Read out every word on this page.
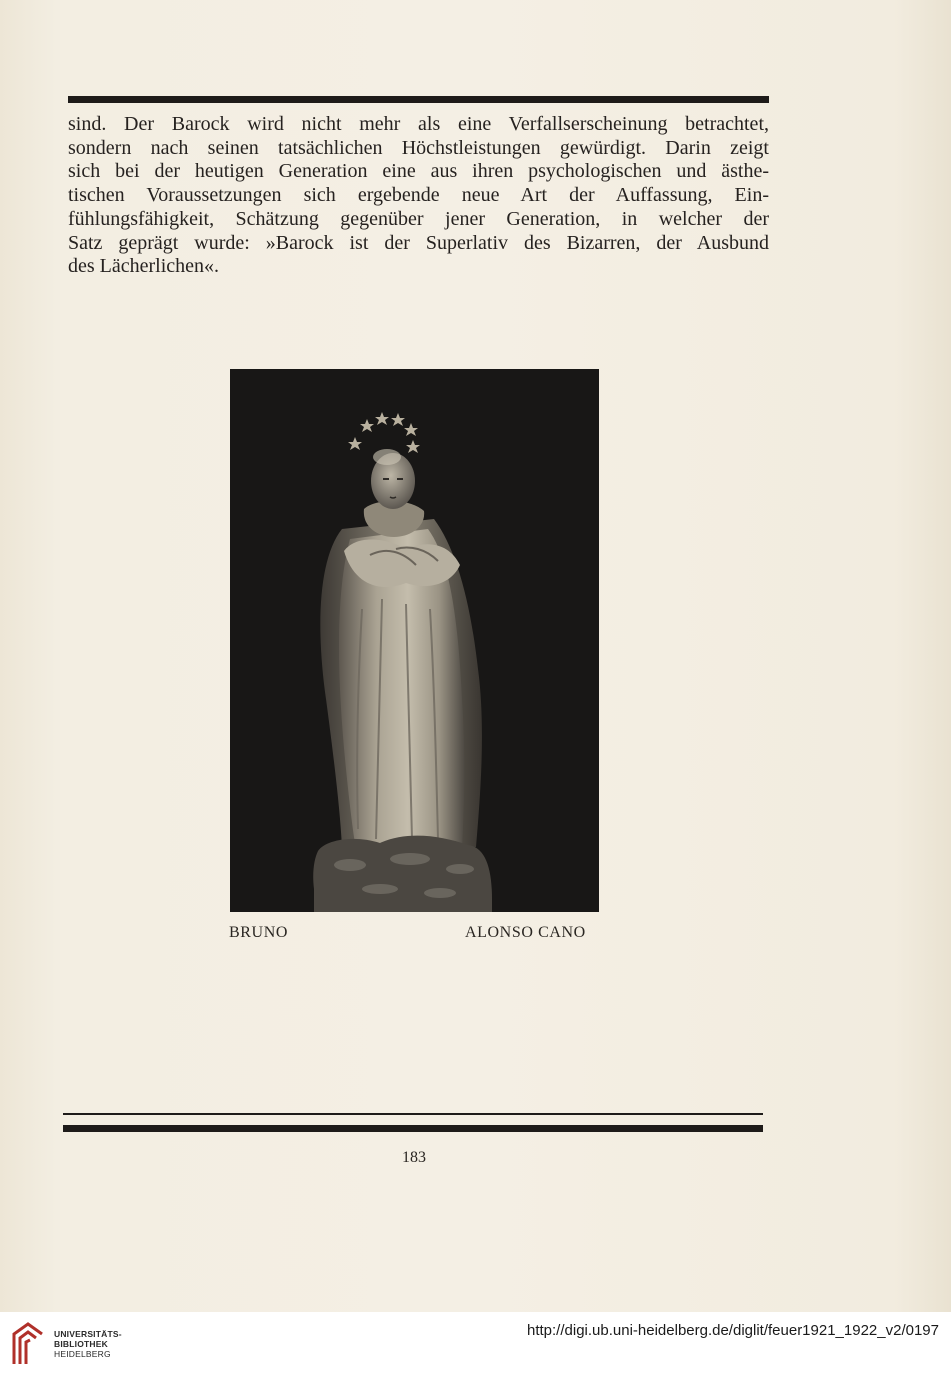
sind. Der Barock wird nicht mehr als eine Verfallserscheinung betrachtet,
sondern nach seinen tatsächlichen Höchstleistungen gewürdigt. Darin zeigt
sich bei der heutigen Generation eine aus ihren psychologischen und ästhe-
tischen Voraussetzungen sich ergebende neue Art der Auffassung, Ein-
fühlungsfähigkeit, Schätzung gegenüber jener Generation, in welcher der
Satz geprägt wurde: »Barock ist der Superlativ des Bizarren, der Ausbund
des Lächerlichen«.

BRUNO	ALONSO CANO
183
UNIVERSITÄTS-
BIBLIOTHEK
HEIDELBERG
http://digi.ub.uni-heidelberg.de/diglit/feuer1921_1922_v2/0197
